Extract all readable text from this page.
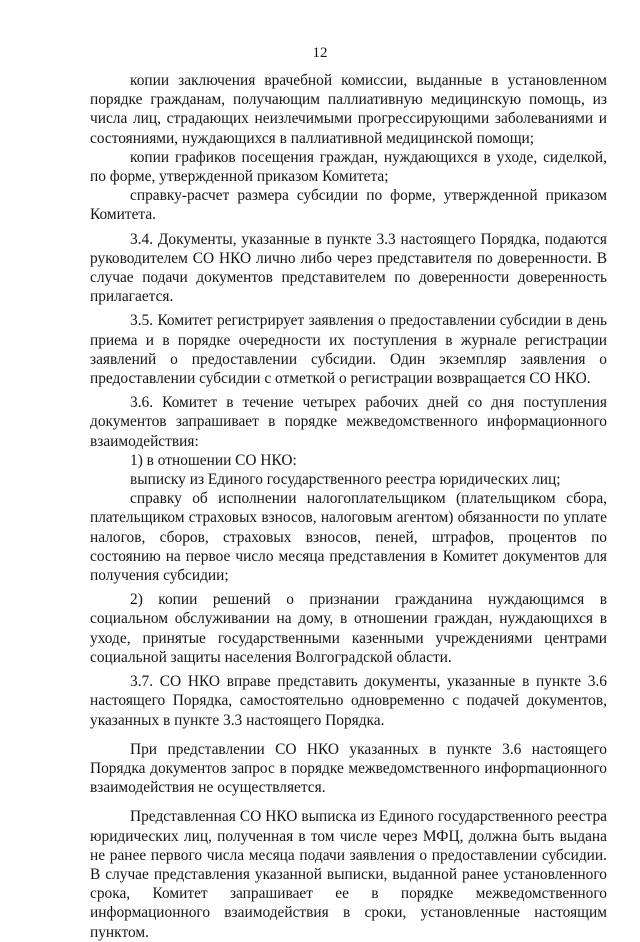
12

копии заключения врачебной комиссии, выданные в установленном порядке гражданам, получающим паллиативную медицинскую помощь, из числа лиц, страдающих неизлечимыми прогрессирующими заболеваниями и состояниями, нуждающихся в паллиативной медицинской помощи;

копии графиков посещения граждан, нуждающихся в уходе, сиделкой, по форме, утвержденной приказом Комитета;

справку-расчет размера субсидии по форме, утвержденной приказом Комитета.

3.4. Документы, указанные в пункте 3.3 настоящего Порядка, подаются руководителем СО НКО лично либо через представителя по доверенности. В случае подачи документов представителем по доверенности доверенность прилагается.

3.5. Комитет регистрирует заявления о предоставлении субсидии в день приема и в порядке очередности их поступления в журнале регистрации заявлений о предоставлении субсидии. Один экземпляр заявления о предоставлении субсидии с отметкой о регистрации возвращается СО НКО.

3.6. Комитет в течение четырех рабочих дней со дня поступления документов запрашивает в порядке межведомственного информационного взаимодействия:

1) в отношении СО НКО:

выписку из Единого государственного реестра юридических лиц;

справку об исполнении налогоплательщиком (плательщиком сбора, плательщиком страховых взносов, налоговым агентом) обязанности по уплате налогов, сборов, страховых взносов, пеней, штрафов, процентов по состоянию на первое число месяца представления в Комитет документов для получения субсидии;

2) копии решений о признании гражданина нуждающимся в социальном обслуживании на дому, в отношении граждан, нуждающихся в уходе, принятые государственными казенными учреждениями центрами социальной защиты населения Волгоградской области.

3.7. СО НКО вправе представить документы, указанные в пункте 3.6 настоящего Порядка, самостоятельно одновременно с подачей документов, указанных в пункте 3.3 настоящего Порядка.

При представлении СО НКО указанных в пункте 3.6 настоящего Порядка документов запрос в порядке межведомственного инфорmационного взаимодействия не осуществляется.

Представленная СО НКО выписка из Единого государственного реестра юридических лиц, полученная в том числе через МФЦ, должна быть выдана не ранее первого числа месяца подачи заявления о предоставлении субсидии. В случае представления указанной выписки, выданной ранее установленного срока, Комитет запрашивает ее в порядке межведомственного информационного взаимодействия в сроки, установленные настоящим пунктом.
